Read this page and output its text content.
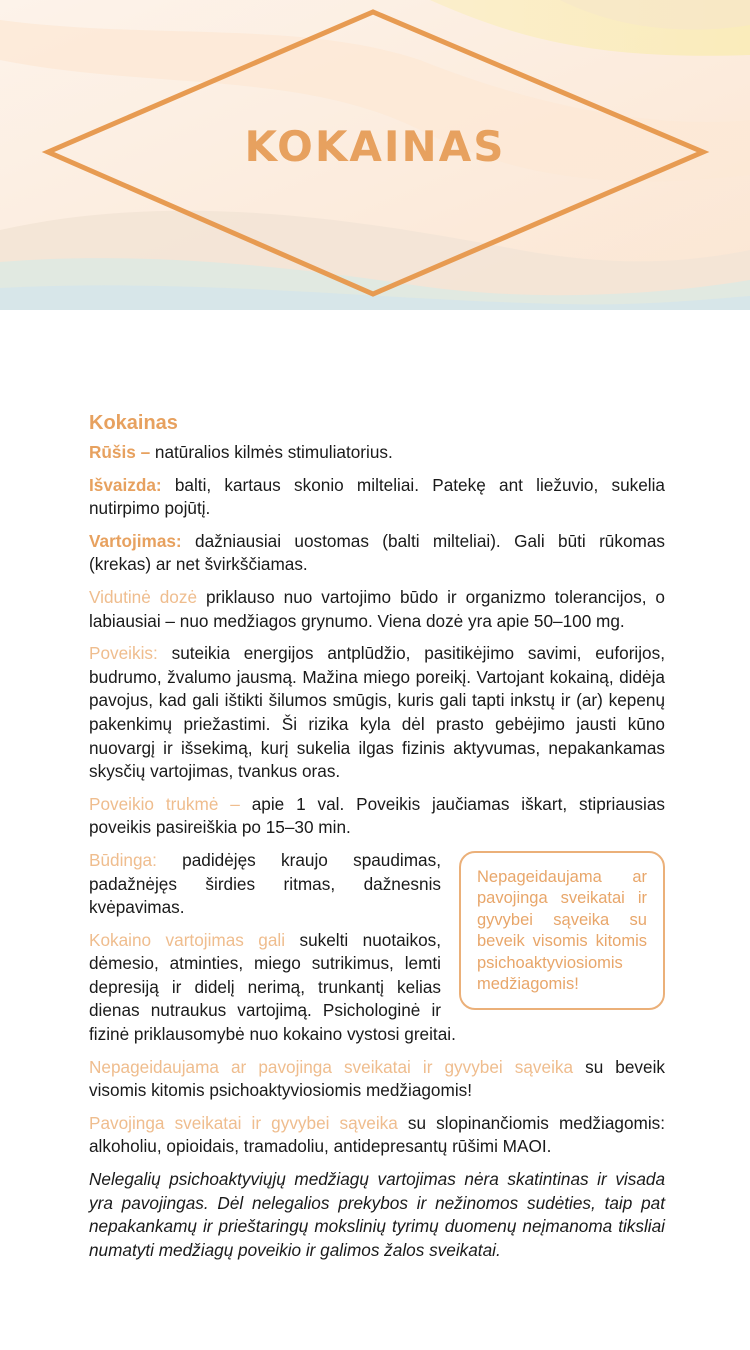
KOKAINAS
Kokainas

Rūšis – natūralios kilmės stimuliatorius.

Išvaizda: balti, kartaus skonio milteliai. Patekę ant liežuvio, sukelia nutirpimo pojūtį.

Vartojimas: dažniausiai uostomas (balti milteliai). Gali būti rūkomas (krekas) ar net švirkščiamas.

Vidutinė dozė priklauso nuo vartojimo būdo ir organizmo tolerancijos, o labiausiai – nuo medžiagos grynumo. Viena dozė yra apie 50–100 mg.

Poveikis: suteikia energijos antplūdžio, pasitikėjimo savimi, euforijos, budrumo, žvalumo jausmą. Mažina miego poreikį. Vartojant kokainą, didėja pavojus, kad gali ištikti šilumos smūgis, kuris gali tapti inkstų ir (ar) kepenų pakenkimų priežastimi. Ši rizika kyla dėl prasto gebėjimo jausti kūno nuovargį ir išsekimą, kurį sukelia ilgas fizinis aktyvumas, nepakankamas skysčių vartojimas, tvankus oras.

Poveikio trukmė – apie 1 val. Poveikis jaučiamas iškart, stipriausias poveikis pasireiškia po 15–30 min.

Nepageidaujama ar pavojinga sveikatai ir gyvybei sąveika su beveik visomis kitomis psichoaktyviosiomis medžiagomis!

Būdinga: padidėjęs kraujo spaudimas, padažnėjęs širdies ritmas, dažnesnis kvėpavimas.

Kokaino vartojimas gali sukelti nuotaikos, dėmesio, atminties, miego sutrikimus, lemti depresiją ir didelį nerimą, trunkantį kelias dienas nutraukus vartojimą. Psichologinė ir fizinė priklausomybė nuo kokaino vystosi greitai.

Nepageidaujama ar pavojinga sveikatai ir gyvybei sąveika su beveik visomis kitomis psichoaktyviosiomis medžiagomis!

Pavojinga sveikatai ir gyvybei sąveika su slopinančiomis medžiagomis: alkoholiu, opioidais, tramadoliu, antidepresantų rūšimi MAOI.

Nelegalių psichoaktyviųjų medžiagų vartojimas nėra skatintinas ir visada yra pavojingas. Dėl nelegalios prekybos ir nežinomos sudėties, taip pat nepakankamų ir prieštaringų mokslinių tyrimų duomenų neįmanoma tiksliai numatyti medžiagų poveikio ir galimos žalos sveikatai.
